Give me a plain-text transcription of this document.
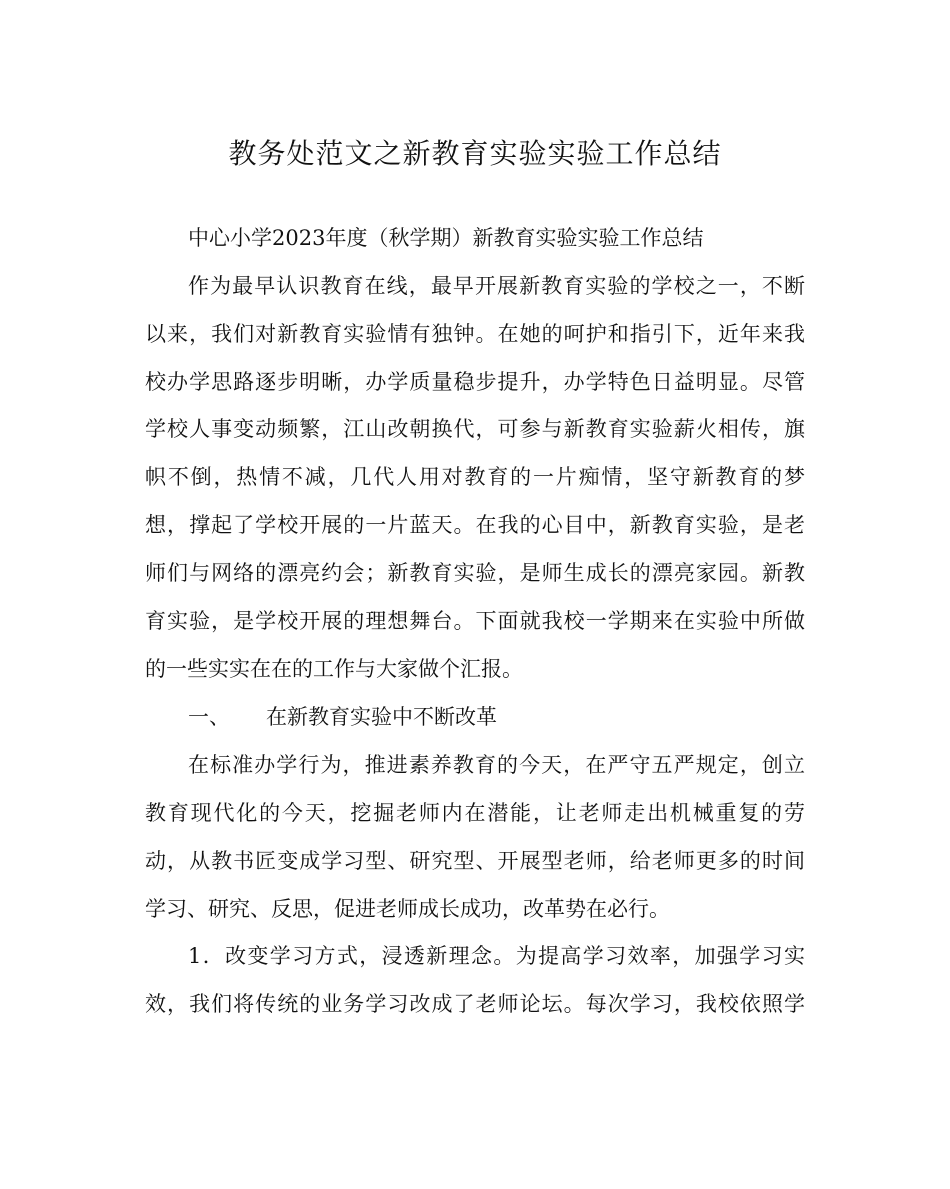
教务处范文之新教育实验实验工作总结
中心小学2023年度（秋学期）新教育实验实验工作总结
作为最早认识教育在线，最早开展新教育实验的学校之一，不断
以来，我们对新教育实验情有独钟。在她的呵护和指引下，近年来我
校办学思路逐步明晰，办学质量稳步提升，办学特色日益明显。尽管
学校人事变动频繁，江山改朝换代，可参与新教育实验薪火相传，旗
帜不倒，热情不减，几代人用对教育的一片痴情，坚守新教育的梦
想，撑起了学校开展的一片蓝天。在我的心目中，新教育实验，是老
师们与网络的漂亮约会；新教育实验，是师生成长的漂亮家园。新教
育实验，是学校开展的理想舞台。下面就我校一学期来在实验中所做
的一些实实在在的工作与大家做个汇报。
一、 在新教育实验中不断改革
在标准办学行为，推进素养教育的今天，在严守五严规定，创立
教育现代化的今天，挖掘老师内在潜能，让老师走出机械重复的劳
动，从教书匠变成学习型、研究型、开展型老师，给老师更多的时间
学习、研究、反思，促进老师成长成功，改革势在必行。
1．改变学习方式，浸透新理念。为提高学习效率，加强学习实
效，我们将传统的业务学习改成了老师论坛。每次学习，我校依照学
